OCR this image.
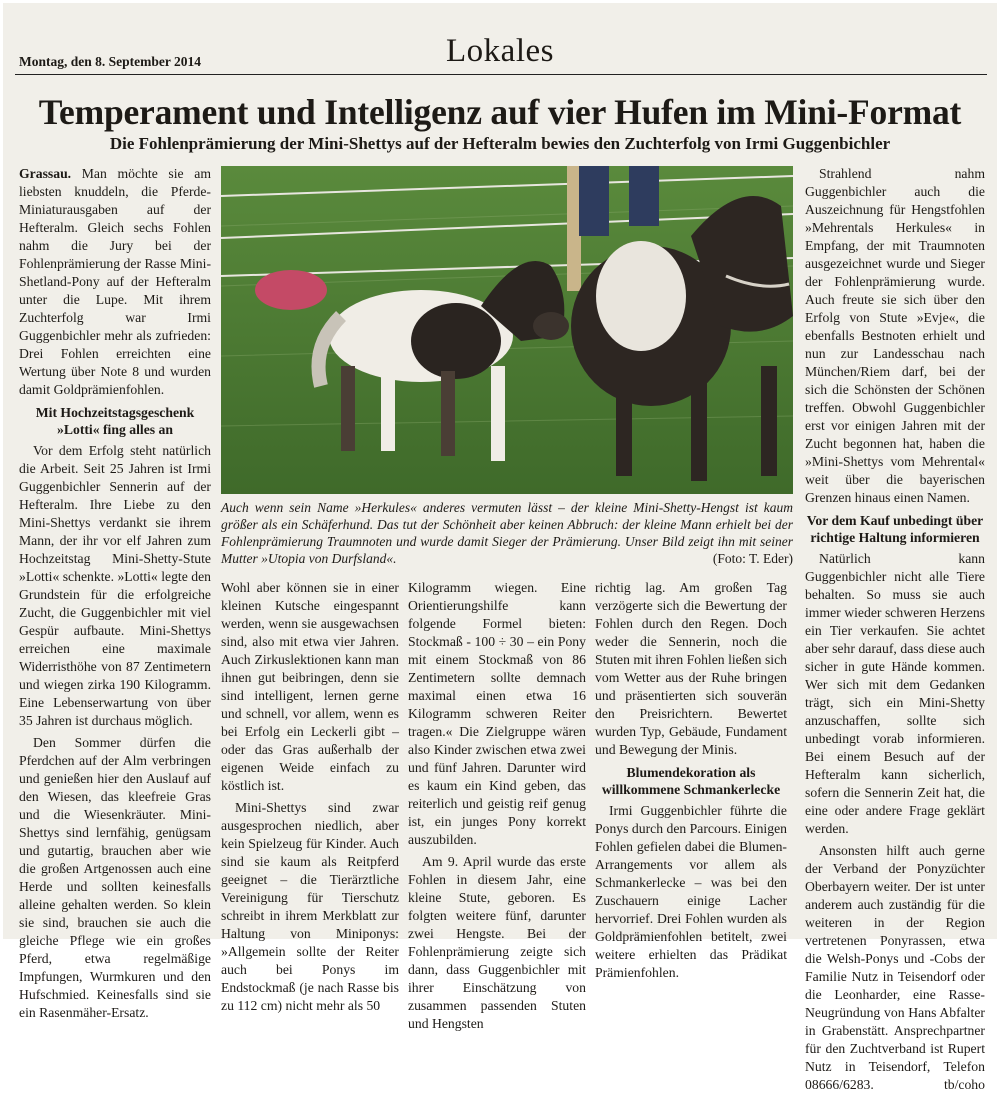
Montag, den 8. September 2014	Lokales
Temperament und Intelligenz auf vier Hufen im Mini-Format
Die Fohlenprämierung der Mini-Shettys auf der Hefteralm bewies den Zuchterfolg von Irmi Guggenbichler

Grassau. Man möchte sie am liebsten knuddeln, die Pferde-Miniaturausgaben auf der Hefteralm. Gleich sechs Fohlen nahm die Jury bei der Fohlenprämierung der Rasse Mini-Shetland-Pony auf der Hefteralm unter die Lupe. Mit ihrem Zuchterfolg war Irmi Guggenbichler mehr als zufrieden: Drei Fohlen erreichten eine Wertung über Note 8 und wurden damit Goldprämienfohlen.

Mit Hochzeitstagsgeschenk »Lotti« fing alles an

Vor dem Erfolg steht natürlich die Arbeit. Seit 25 Jahren ist Irmi Guggenbichler Sennerin auf der Hefteralm. Ihre Liebe zu den Mini-Shettys verdankt sie ihrem Mann, der ihr vor elf Jahren zum Hochzeitstag Mini-Shetty-Stute »Lotti« schenkte. »Lotti« legte den Grundstein für die erfolgreiche Zucht, die Guggenbichler mit viel Gespür aufbaute. Mini-Shettys erreichen eine maximale Widerristhöhe von 87 Zentimetern und wiegen zirka 190 Kilogramm. Eine Lebenserwartung von über 35 Jahren ist durchaus möglich.

Den Sommer dürfen die Pferdchen auf der Alm verbringen und genießen hier den Auslauf auf den Wiesen, das kleefreie Gras und die Wiesenkräuter. Mini-Shettys sind lernfähig, genügsam und gutartig, brauchen aber wie die großen Artgenossen auch eine Herde und sollten keinesfalls alleine gehalten werden. So klein sie sind, brauchen sie auch die gleiche Pflege wie ein großes Pferd, etwa regelmäßige Impfungen, Wurmkuren und den Hufschmied. Keinesfalls sind sie ein Rasenmäher-Ersatz.

Auch wenn sein Name »Herkules« anderes vermuten lässt – der kleine Mini-Shetty-Hengst ist kaum größer als ein Schäferhund. Das tut der Schönheit aber keinen Abbruch: der kleine Mann erhielt bei der Fohlenprämierung Traumnoten und wurde damit Sieger der Prämierung. Unser Bild zeigt ihn mit seiner Mutter »Utopia von Durfsland«.	(Foto: T. Eder)

Wohl aber können sie in einer kleinen Kutsche eingespannt werden, wenn sie ausgewachsen sind, also mit etwa vier Jahren. Auch Zirkuslektionen kann man ihnen gut beibringen, denn sie sind intelligent, lernen gerne und schnell, vor allem, wenn es bei Erfolg ein Leckerli gibt – oder das Gras außerhalb der eigenen Weide einfach zu köstlich ist.

Mini-Shettys sind zwar ausgesprochen niedlich, aber kein Spielzeug für Kinder. Auch sind sie kaum als Reitpferd geeignet – die Tierärztliche Vereinigung für Tierschutz schreibt in ihrem Merkblatt zur Haltung von Miniponys: »Allgemein sollte der Reiter auch bei Ponys im Endstockmaß (je nach Rasse bis zu 112 cm) nicht mehr als 50

Kilogramm wiegen. Eine Orientierungshilfe kann folgende Formel bieten: Stockmaß - 100 ÷ 30 – ein Pony mit einem Stockmaß von 86 Zentimetern sollte demnach maximal einen etwa 16 Kilogramm schweren Reiter tragen.« Die Zielgruppe wären also Kinder zwischen etwa zwei und fünf Jahren. Darunter wird es kaum ein Kind geben, das reiterlich und geistig reif genug ist, ein junges Pony korrekt auszubilden.

Am 9. April wurde das erste Fohlen in diesem Jahr, eine kleine Stute, geboren. Es folgten weitere fünf, darunter zwei Hengste. Bei der Fohlenprämierung zeigte sich dann, dass Guggenbichler mit ihrer Einschätzung von zusammen passenden Stuten und Hengsten

richtig lag. Am großen Tag verzögerte sich die Bewertung der Fohlen durch den Regen. Doch weder die Sennerin, noch die Stuten mit ihren Fohlen ließen sich vom Wetter aus der Ruhe bringen und präsentierten sich souverän den Preisrichtern. Bewertet wurden Typ, Gebäude, Fundament und Bewegung der Minis.

Blumendekoration als willkommene Schmankerlecke

Irmi Guggenbichler führte die Ponys durch den Parcours. Einigen Fohlen gefielen dabei die Blumen-Arrangements vor allem als Schmankerlecke – was bei den Zuschauern einige Lacher hervorrief. Drei Fohlen wurden als Goldprämienfohlen betitelt, zwei weitere erhielten das Prädikat Prämienfohlen.

Strahlend nahm Guggenbichler auch die Auszeichnung für Hengstfohlen »Mehrentals Herkules« in Empfang, der mit Traumnoten ausgezeichnet wurde und Sieger der Fohlenprämierung wurde. Auch freute sie sich über den Erfolg von Stute »Evje«, die ebenfalls Bestnoten erhielt und nun zur Landesschau nach München/Riem darf, bei der sich die Schönsten der Schönen treffen. Obwohl Guggenbichler erst vor einigen Jahren mit der Zucht begonnen hat, haben die »Mini-Shettys vom Mehrental« weit über die bayerischen Grenzen hinaus einen Namen.

Vor dem Kauf unbedingt über richtige Haltung informieren

Natürlich kann Guggenbichler nicht alle Tiere behalten. So muss sie auch immer wieder schweren Herzens ein Tier verkaufen. Sie achtet aber sehr darauf, dass diese auch sicher in gute Hände kommen. Wer sich mit dem Gedanken trägt, sich ein Mini-Shetty anzuschaffen, sollte sich unbedingt vorab informieren. Bei einem Besuch auf der Hefteralm kann sicherlich, sofern die Sennerin Zeit hat, die eine oder andere Frage geklärt werden.

Ansonsten hilft auch gerne der Verband der Ponyzüchter Oberbayern weiter. Der ist unter anderem auch zuständig für die weiteren in der Region vertretenen Ponyrassen, etwa die Welsh-Ponys und -Cobs der Familie Nutz in Teisendorf oder die Leonharder, eine Rasse-Neugründung von Hans Abfalter in Grabenstätt. Ansprechpartner für den Zuchtverband ist Rupert Nutz in Teisendorf, Telefon 08666/6283.	tb/coho
